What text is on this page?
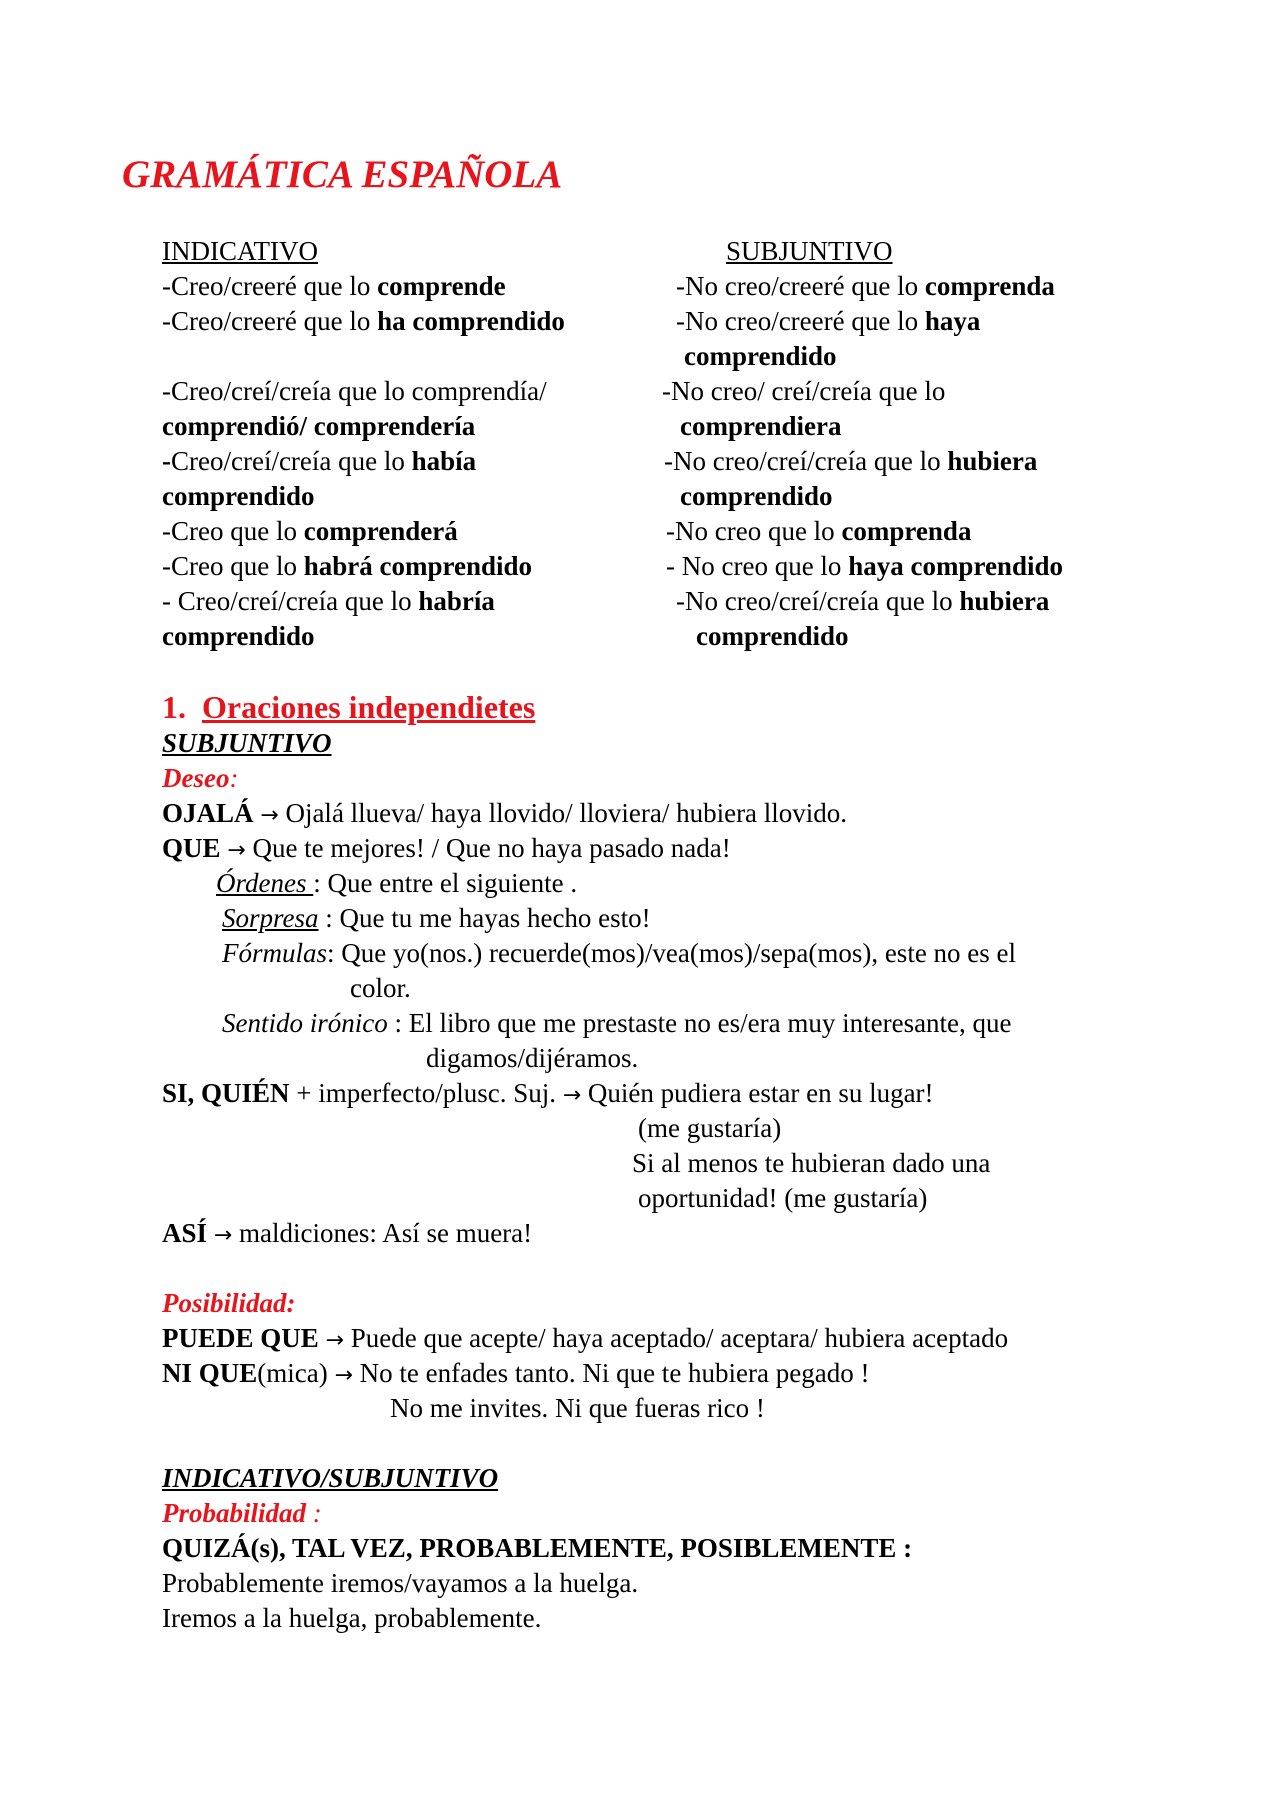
GRAMÁTICA ESPAÑOLA
INDICATIVO	SUBJUNTIVO
-Creo/creeré que lo comprende
-Creo/creeré que lo ha comprendido
-Creo/creí/creía que lo comprendía/
comprendió/ comprendería
-Creo/creí/creía que lo había
comprendido
-Creo que lo comprenderá
-Creo que lo habrá comprendido
- Creo/creí/creía que lo habría
comprendido
-No creo/creeré que lo comprenda
-No creo/creeré que lo haya
comprendido
-No creo/ creí/creía que lo
comprendiera
-No creo/creí/creía que lo hubiera
comprendido
-No creo que lo comprenda
- No creo que lo haya comprendido
-No creo/creí/creía que lo hubiera
comprendido
1. Oraciones independietes
SUBJUNTIVO
Deseo:
OJALÁ → Ojalá llueva/ haya llovido/ lloviera/ hubiera llovido.
QUE → Que te mejores! / Que no haya pasado nada!
Órdenes : Que entre el siguiente .
Sorpresa : Que tu me hayas hecho esto!
Fórmulas: Que yo(nos.) recuerde(mos)/vea(mos)/sepa(mos), este no es el
color.
Sentido irónico : El libro que me prestaste no es/era muy interesante, que
digamos/dijéramos.
SI, QUIÉN + imperfecto/plusc. Suj. → Quién pudiera estar en su lugar!
(me gustaría)
Si al menos te hubieran dado una
oportunidad! (me gustaría)
ASÍ → maldiciones: Así se muera!
Posibilidad:
PUEDE QUE → Puede que acepte/ haya aceptado/ aceptara/ hubiera aceptado
NI QUE(mica) → No te enfades tanto. Ni que te hubiera pegado !
No me invites. Ni que fueras rico !
INDICATIVO/SUBJUNTIVO
Probabilidad :
QUIZÁ(s), TAL VEZ, PROBABLEMENTE, POSIBLEMENTE :
Probablemente iremos/vayamos a la huelga.
Iremos a la huelga, probablemente.
